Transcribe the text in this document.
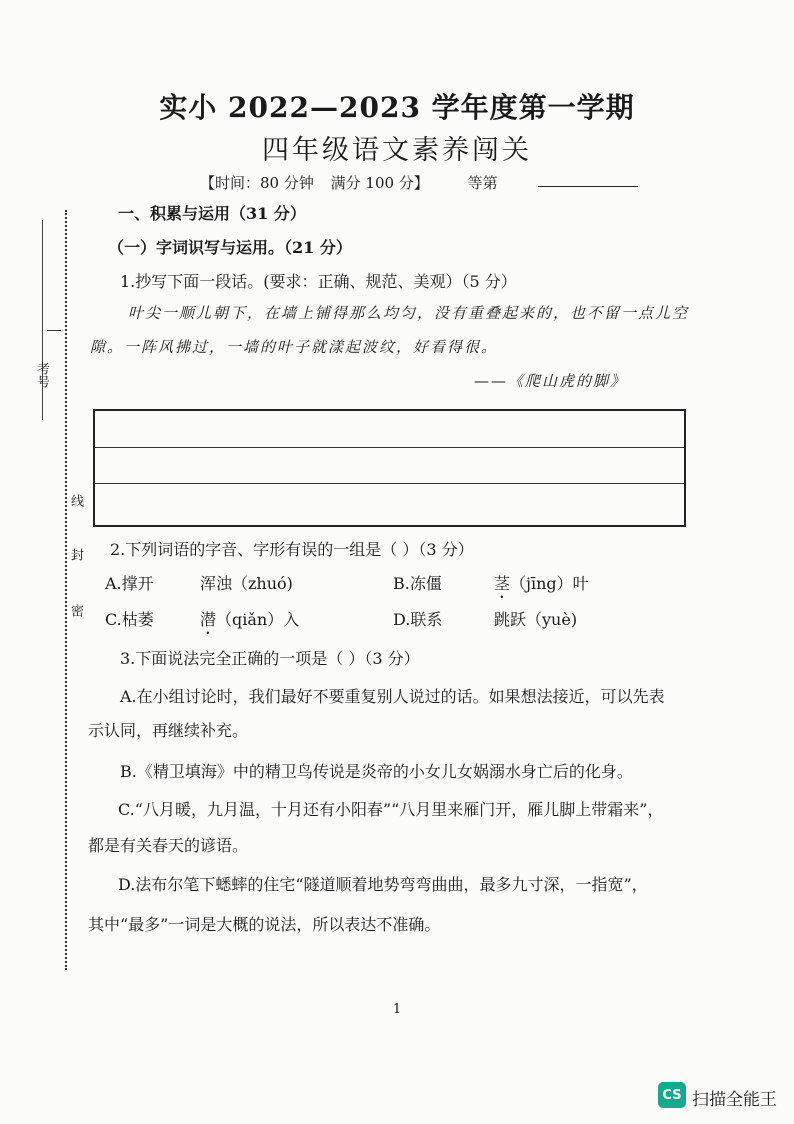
考号
线
封
密
实小 2022—2023 学年度第一学期
四年级语文素养闯关
【时间：80 分钟 满分 100 分】	等第
一、积累与运用（31 分）
（一）字词识写与运用。（21 分）
1.抄写下面一段话。(要求：正确、规范、美观）（5 分）
叶尖一顺儿朝下，在墙上铺得那么均匀，没有重叠起来的，也不留一点儿空
隙。一阵风拂过，一墙的叶子就漾起波纹，好看得很。
——《爬山虎的脚》
2.下列词语的字音、字形有误的一组是（ ）（3 分）
A.撑开	浑浊（zhuó)	B.冻僵	茎（jīng）叶
C.枯萎	潜（qiǎn）入	D.联系	跳跃（yuè)
3.下面说法完全正确的一项是（ ）（3 分）
A.在小组讨论时，我们最好不要重复别人说过的话。如果想法接近，可以先表
示认同，再继续补充。
B.《精卫填海》中的精卫鸟传说是炎帝的小女儿女娲溺水身亡后的化身。
C.“八月暖，九月温，十月还有小阳春”“八月里来雁门开，雁儿脚上带霜来”，
都是有关春天的谚语。
D.法布尔笔下蟋蟀的住宅“隧道顺着地势弯弯曲曲，最多九寸深，一指宽”，
其中“最多”一词是大概的说法，所以表达不准确。
1
CS 扫描全能王
